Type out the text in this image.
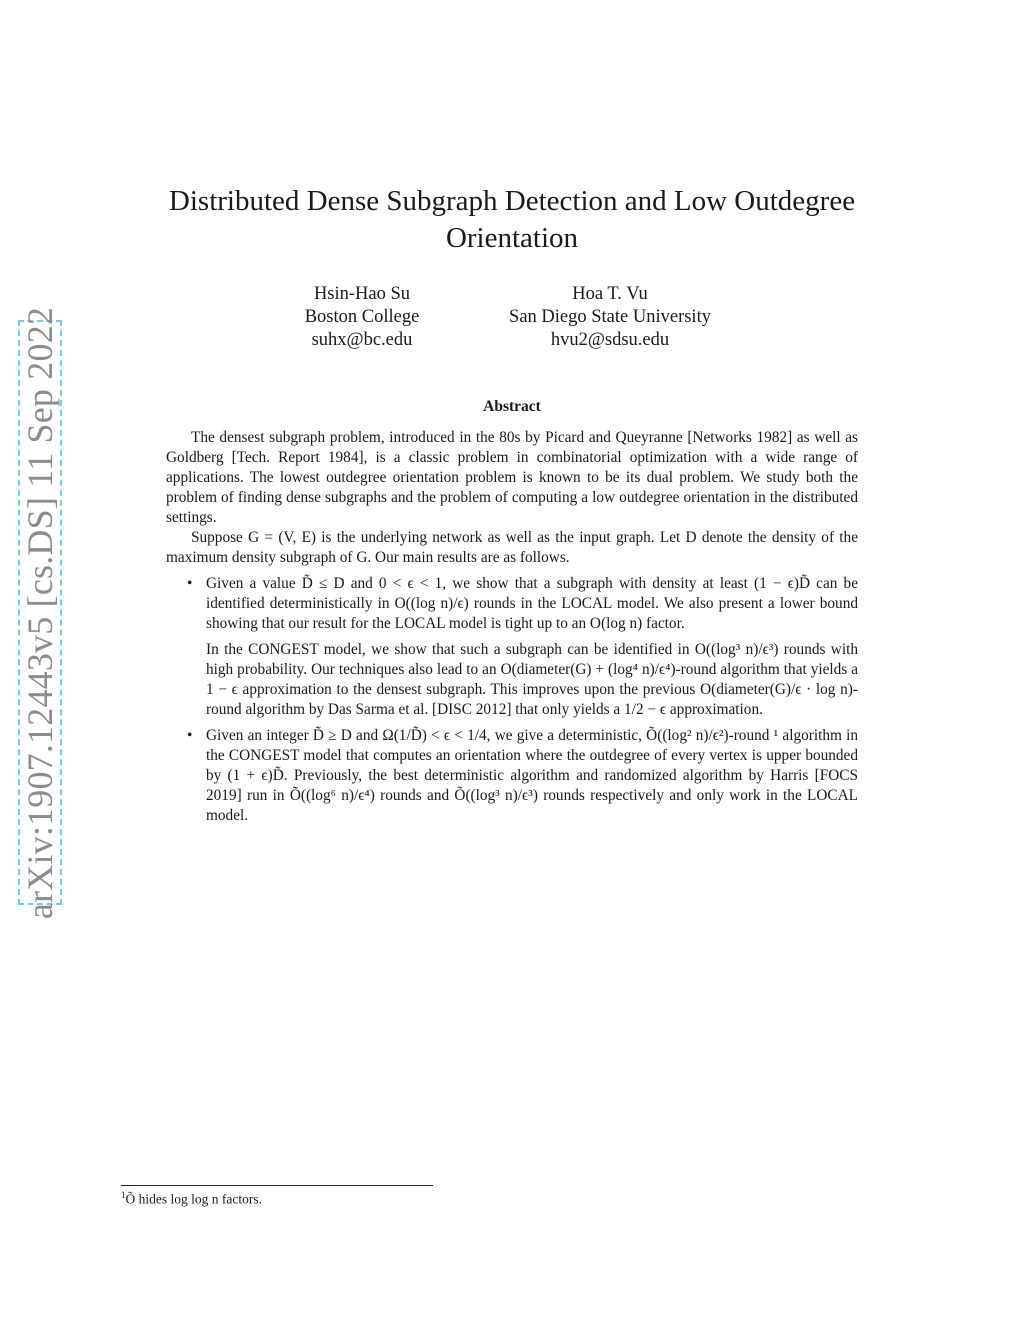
arXiv:1907.12443v5 [cs.DS] 11 Sep 2022
Distributed Dense Subgraph Detection and Low Outdegree Orientation
Hsin-Hao Su
Boston College
suhx@bc.edu
Hoa T. Vu
San Diego State University
hvu2@sdsu.edu
Abstract

The densest subgraph problem, introduced in the 80s by Picard and Queyranne [Networks 1982] as well as Goldberg [Tech. Report 1984], is a classic problem in combinatorial optimization with a wide range of applications. The lowest outdegree orientation problem is known to be its dual problem. We study both the problem of finding dense subgraphs and the problem of computing a low outdegree orientation in the distributed settings.

Suppose G = (V, E) is the underlying network as well as the input graph. Let D denote the density of the maximum density subgraph of G. Our main results are as follows.

• Given a value D̃ ≤ D and 0 < ϵ < 1, we show that a subgraph with density at least (1 − ϵ)D̃ can be identified deterministically in O((log n)/ϵ) rounds in the LOCAL model. We also present a lower bound showing that our result for the LOCAL model is tight up to an O(log n) factor.

In the CONGEST model, we show that such a subgraph can be identified in O((log³ n)/ϵ³) rounds with high probability. Our techniques also lead to an O(diameter(G) + (log⁴ n)/ϵ⁴)-round algorithm that yields a 1 − ϵ approximation to the densest subgraph. This improves upon the previous O(diameter(G)/ϵ · log n)-round algorithm by Das Sarma et al. [DISC 2012] that only yields a 1/2 − ϵ approximation.

• Given an integer D̃ ≥ D and Ω(1/D̃) < ϵ < 1/4, we give a deterministic, Õ((log² n)/ϵ²)-round ¹ algorithm in the CONGEST model that computes an orientation where the outdegree of every vertex is upper bounded by (1 + ϵ)D̃. Previously, the best deterministic algorithm and randomized algorithm by Harris [FOCS 2019] run in Õ((log⁶ n)/ϵ⁴) rounds and Õ((log³ n)/ϵ³) rounds respectively and only work in the LOCAL model.

$^1$Õ hides log log n factors.
